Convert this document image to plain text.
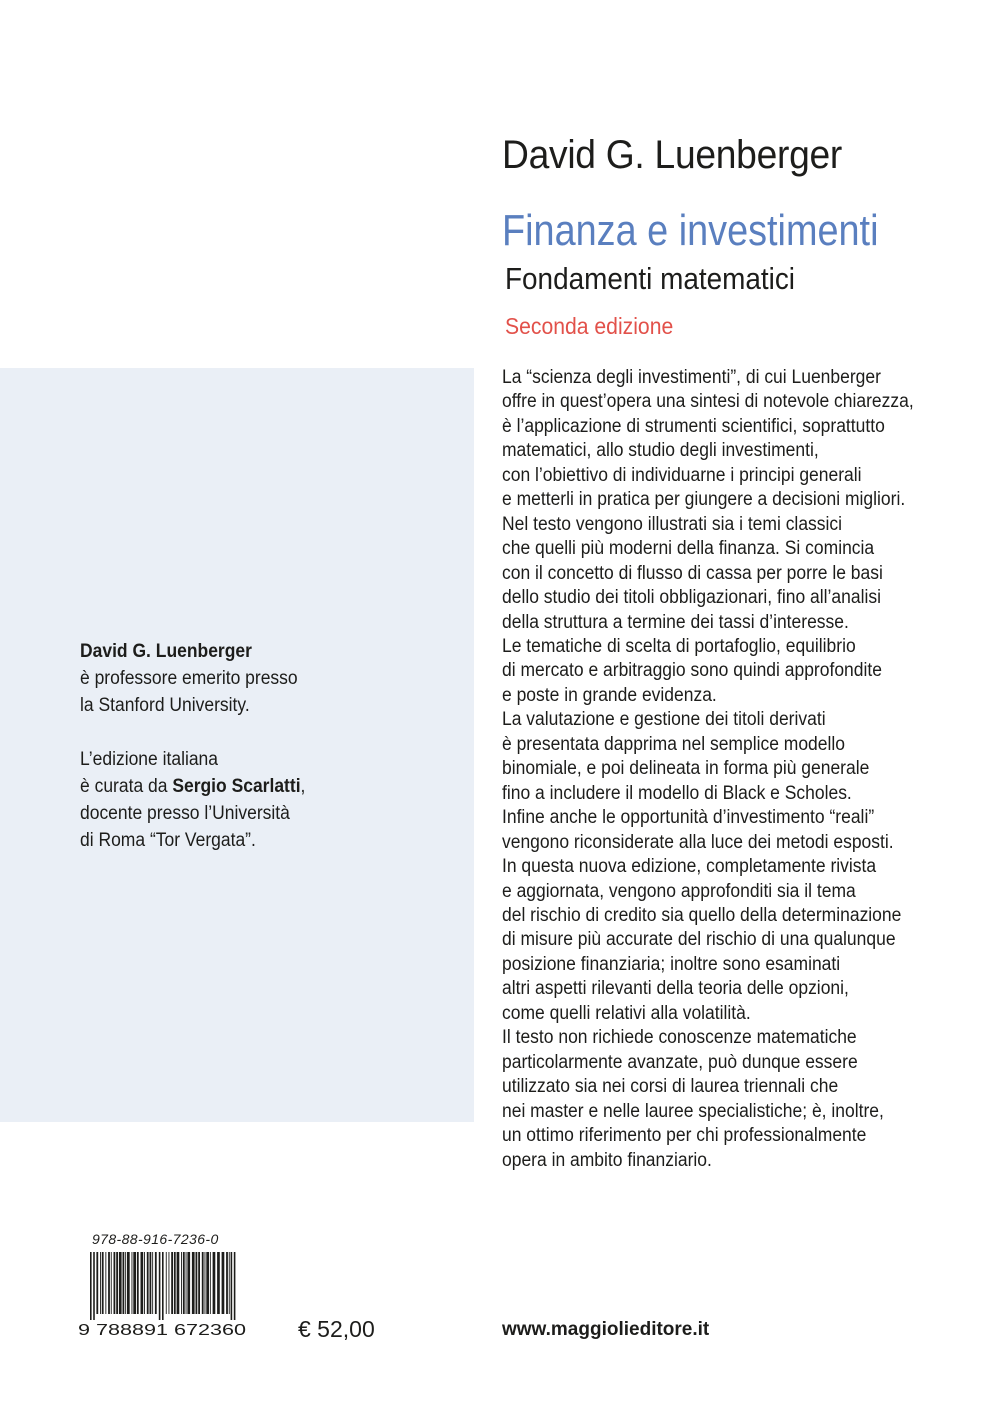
David G. Luenberger
Finanza e investimenti
Fondamenti matematici
Seconda edizione
La “scienza degli investimenti”, di cui Luenberger
offre in quest’opera una sintesi di notevole chiarezza,
è l’applicazione di strumenti scientifici, soprattutto
matematici, allo studio degli investimenti,
con l’obiettivo di individuarne i principi generali
e metterli in pratica per giungere a decisioni migliori.
Nel testo vengono illustrati sia i temi classici
che quelli più moderni della finanza. Si comincia
con il concetto di flusso di cassa per porre le basi
dello studio dei titoli obbligazionari, fino all’analisi
della struttura a termine dei tassi d’interesse.
Le tematiche di scelta di portafoglio, equilibrio
di mercato e arbitraggio sono quindi approfondite
e poste in grande evidenza.
La valutazione e gestione dei titoli derivati
è presentata dapprima nel semplice modello
binomiale, e poi delineata in forma più generale
fino a includere il modello di Black e Scholes.
Infine anche le opportunità d’investimento “reali”
vengono riconsiderate alla luce dei metodi esposti.
In questa nuova edizione, completamente rivista
e aggiornata, vengono approfonditi sia il tema
del rischio di credito sia quello della determinazione
di misure più accurate del rischio di una qualunque
posizione finanziaria; inoltre sono esaminati
altri aspetti rilevanti della teoria delle opzioni,
come quelli relativi alla volatilità.
Il testo non richiede conoscenze matematiche
particolarmente avanzate, può dunque essere
utilizzato sia nei corsi di laurea triennali che
nei master e nelle lauree specialistiche; è, inoltre,
un ottimo riferimento per chi professionalmente
opera in ambito finanziario.
David G. Luenberger
è professore emerito presso
la Stanford University.
L’edizione italiana
è curata da Sergio Scarlatti,
docente presso l’Università
di Roma “Tor Vergata”.
978-88-916-7236-0
9 788891 672360 € 52,00	www.maggiolieditore.it
